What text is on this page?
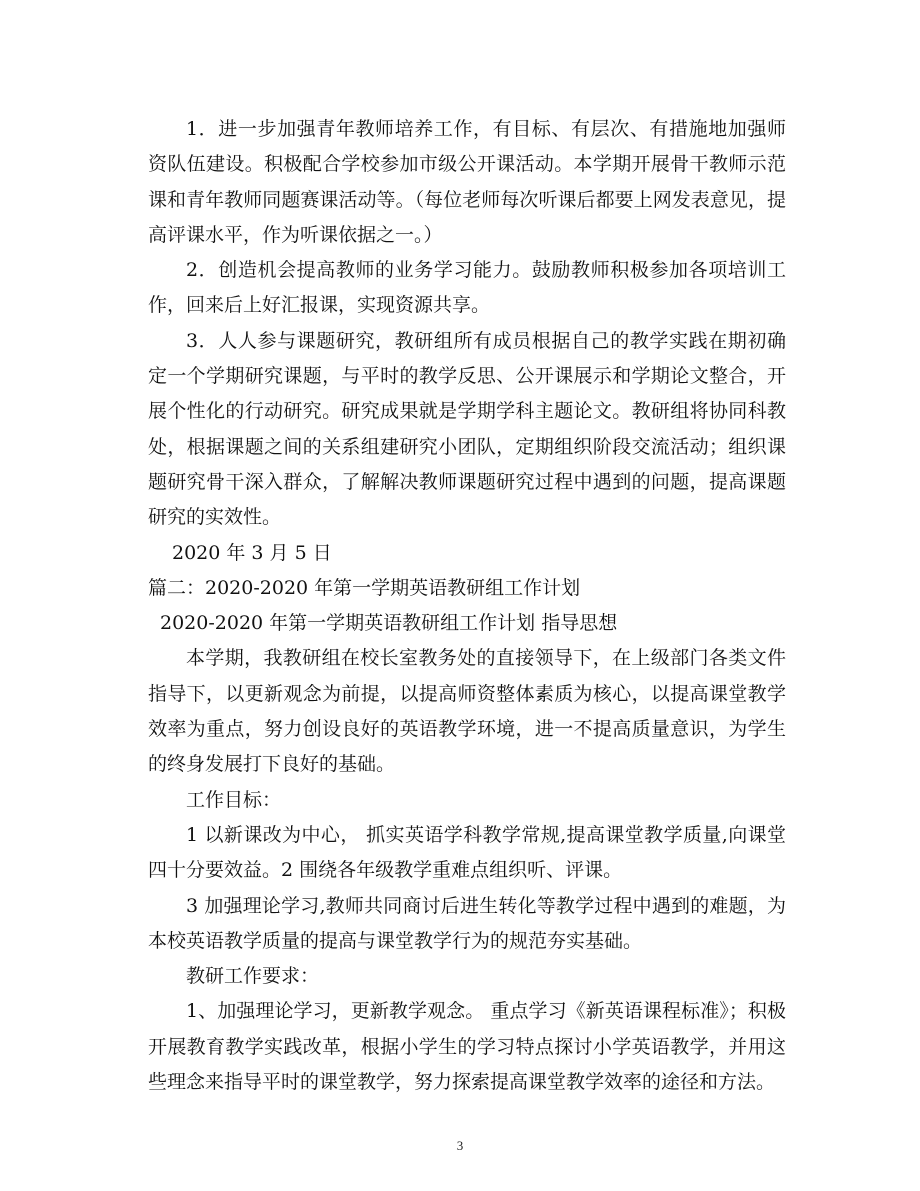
1．进一步加强青年教师培养工作，有目标、有层次、有措施地加强师资队伍建设。积极配合学校参加市级公开课活动。本学期开展骨干教师示范课和青年教师同题赛课活动等。（每位老师每次听课后都要上网发表意见，提高评课水平，作为听课依据之一。）

2．创造机会提高教师的业务学习能力。鼓励教师积极参加各项培训工作，回来后上好汇报课，实现资源共享。

3．人人参与课题研究，教研组所有成员根据自己的教学实践在期初确定一个学期研究课题，与平时的教学反思、公开课展示和学期论文整合，开展个性化的行动研究。研究成果就是学期学科主题论文。教研组将协同科教处，根据课题之间的关系组建研究小团队，定期组织阶段交流活动；组织课题研究骨干深入群众，了解解决教师课题研究过程中遇到的问题，提高课题研究的实效性。

2020 年 3 月 5 日

篇二：2020-2020 年第一学期英语教研组工作计划

2020-2020 年第一学期英语教研组工作计划 指导思想

本学期，我教研组在校长室教务处的直接领导下，在上级部门各类文件指导下，以更新观念为前提，以提高师资整体素质为核心，以提高课堂教学效率为重点，努力创设良好的英语教学环境，进一不提高质量意识，为学生的终身发展打下良好的基础。

工作目标：

1 以新课改为中心， 抓实英语学科教学常规,提高课堂教学质量,向课堂四十分要效益。2 围绕各年级教学重难点组织听、评课。

3 加强理论学习,教师共同商讨后进生转化等教学过程中遇到的难题，为本校英语教学质量的提高与课堂教学行为的规范夯实基础。

教研工作要求：

1、加强理论学习，更新教学观念。 重点学习《新英语课程标准》；积极开展教育教学实践改革，根据小学生的学习特点探讨小学英语教学，并用这些理念来指导平时的课堂教学，努力探索提高课堂教学效率的途径和方法。

3
